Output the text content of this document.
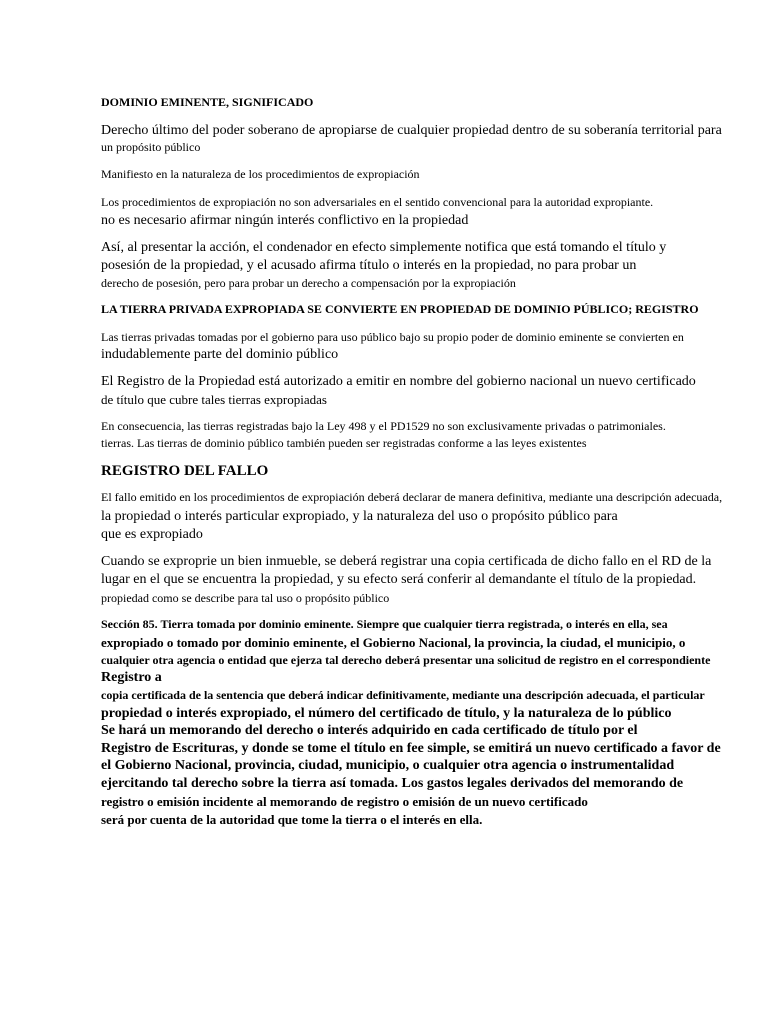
DOMINIO EMINENTE, SIGNIFICADO
Derecho último del poder soberano de apropiarse de cualquier propiedad dentro de su soberanía territorial para
un propósito público
Manifiesto en la naturaleza de los procedimientos de expropiación
Los procedimientos de expropiación no son adversariales en el sentido convencional para la autoridad expropiante.
no es necesario afirmar ningún interés conflictivo en la propiedad
Así, al presentar la acción, el condenador en efecto simplemente notifica que está tomando el título y
posesión de la propiedad, y el acusado afirma título o interés en la propiedad, no para probar un
derecho de posesión, pero para probar un derecho a compensación por la expropiación
LA TIERRA PRIVADA EXPROPIADA SE CONVIERTE EN PROPIEDAD DE DOMINIO PÚBLICO; REGISTRO
Las tierras privadas tomadas por el gobierno para uso público bajo su propio poder de dominio eminente se convierten en
indudablemente parte del dominio público
El Registro de la Propiedad está autorizado a emitir en nombre del gobierno nacional un nuevo certificado
de título que cubre tales tierras expropiadas
En consecuencia, las tierras registradas bajo la Ley 498 y el PD1529 no son exclusivamente privadas o patrimoniales.
tierras. Las tierras de dominio público también pueden ser registradas conforme a las leyes existentes
REGISTRO DEL FALLO
El fallo emitido en los procedimientos de expropiación deberá declarar de manera definitiva, mediante una descripción adecuada,
la propiedad o interés particular expropiado, y la naturaleza del uso o propósito público para
que es expropiado
Cuando se exproprie un bien inmueble, se deberá registrar una copia certificada de dicho fallo en el RD de la
lugar en el que se encuentra la propiedad, y su efecto será conferir al demandante el título de la propiedad.
propiedad como se describe para tal uso o propósito público
Sección 85. Tierra tomada por dominio eminente. Siempre que cualquier tierra registrada, o interés en ella, sea
expropiado o tomado por dominio eminente, el Gobierno Nacional, la provincia, la ciudad, el municipio, o
cualquier otra agencia o entidad que ejerza tal derecho deberá presentar una solicitud de registro en el correspondiente
Registro a
copia certificada de la sentencia que deberá indicar definitivamente, mediante una descripción adecuada, el particular
propiedad o interés expropiado, el número del certificado de título, y la naturaleza de lo público
Se hará un memorando del derecho o interés adquirido en cada certificado de título por el
Registro de Escrituras, y donde se tome el título en fee simple, se emitirá un nuevo certificado a favor de
el Gobierno Nacional, provincia, ciudad, municipio, o cualquier otra agencia o instrumentalidad
ejercitando tal derecho sobre la tierra así tomada. Los gastos legales derivados del memorando de
registro o emisión incidente al memorando de registro o emisión de un nuevo certificado
será por cuenta de la autoridad que tome la tierra o el interés en ella.
